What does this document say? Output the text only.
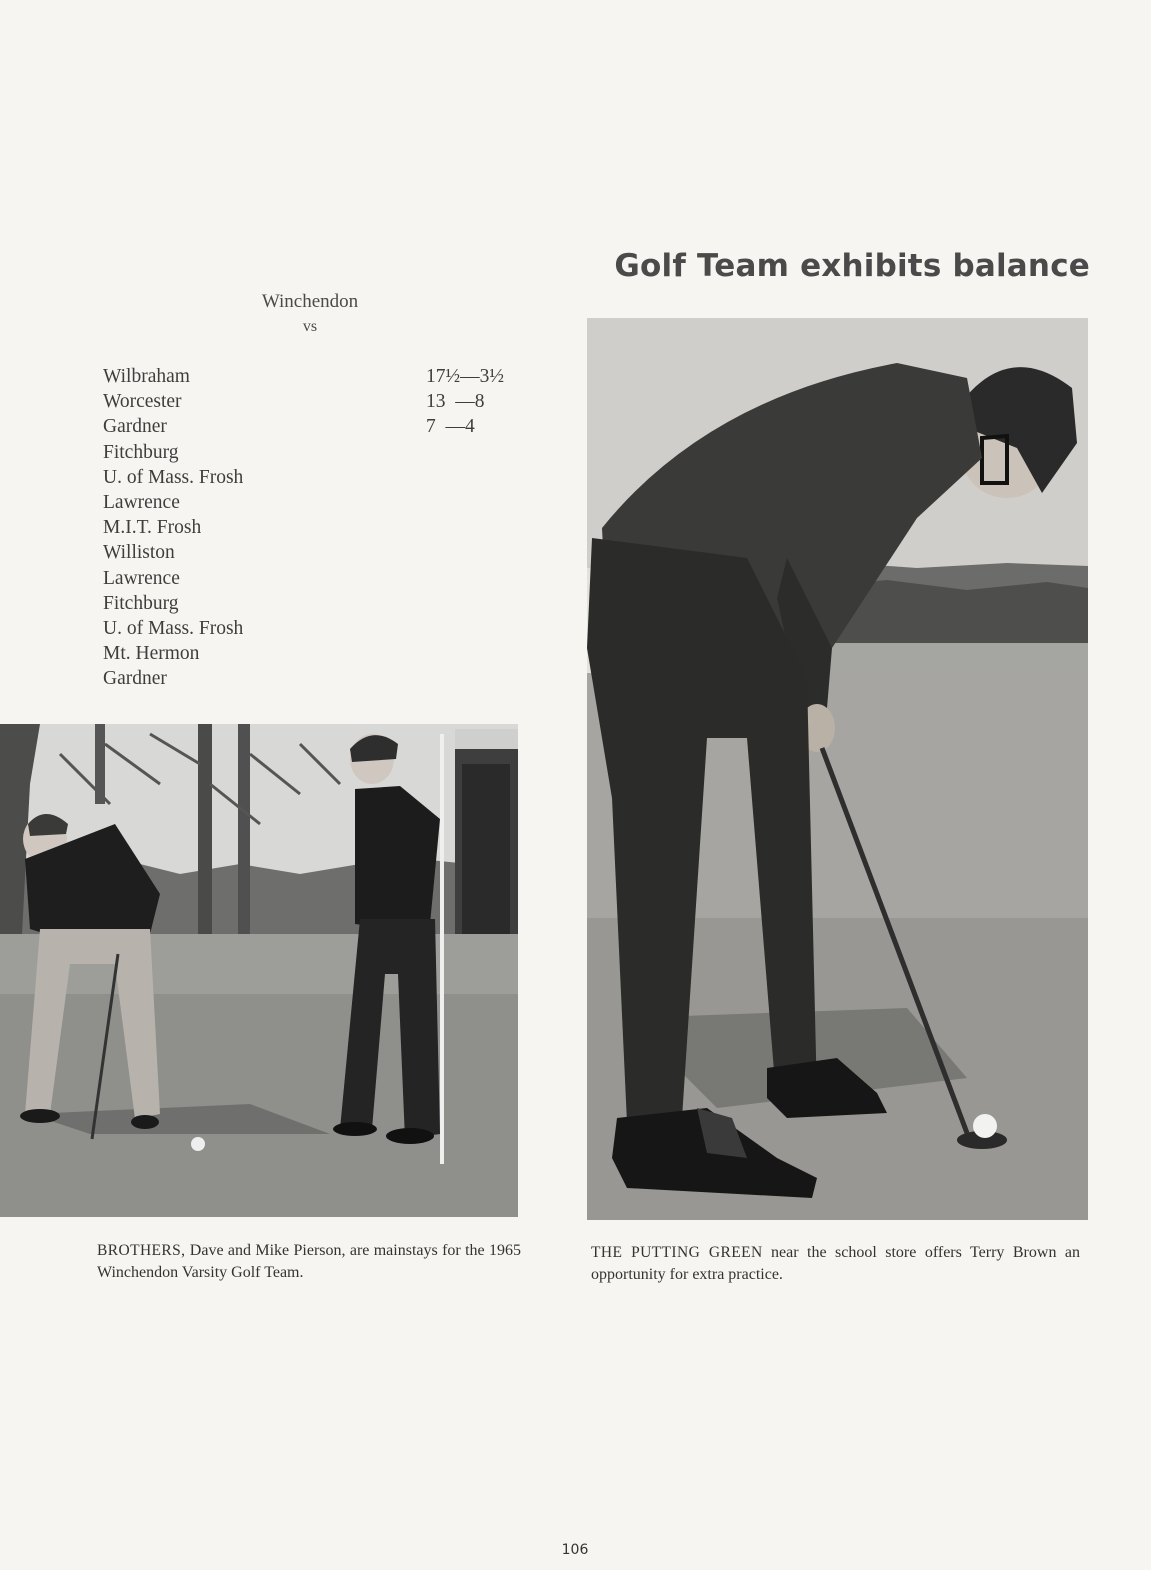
Golf Team exhibits balance
Winchendon
vs
Wilbraham
Worcester
Gardner
Fitchburg
U. of Mass. Frosh
Lawrence
M.I.T. Frosh
Williston
Lawrence
Fitchburg
U. of Mass. Frosh
Mt. Hermon
Gardner
17½—3½
13  —8
7  —4
BROTHERS, Dave and Mike Pierson, are mainstays for the 1965 Winchendon Varsity Golf Team.
THE PUTTING GREEN near the school store offers Terry Brown an opportunity for extra practice.
106
